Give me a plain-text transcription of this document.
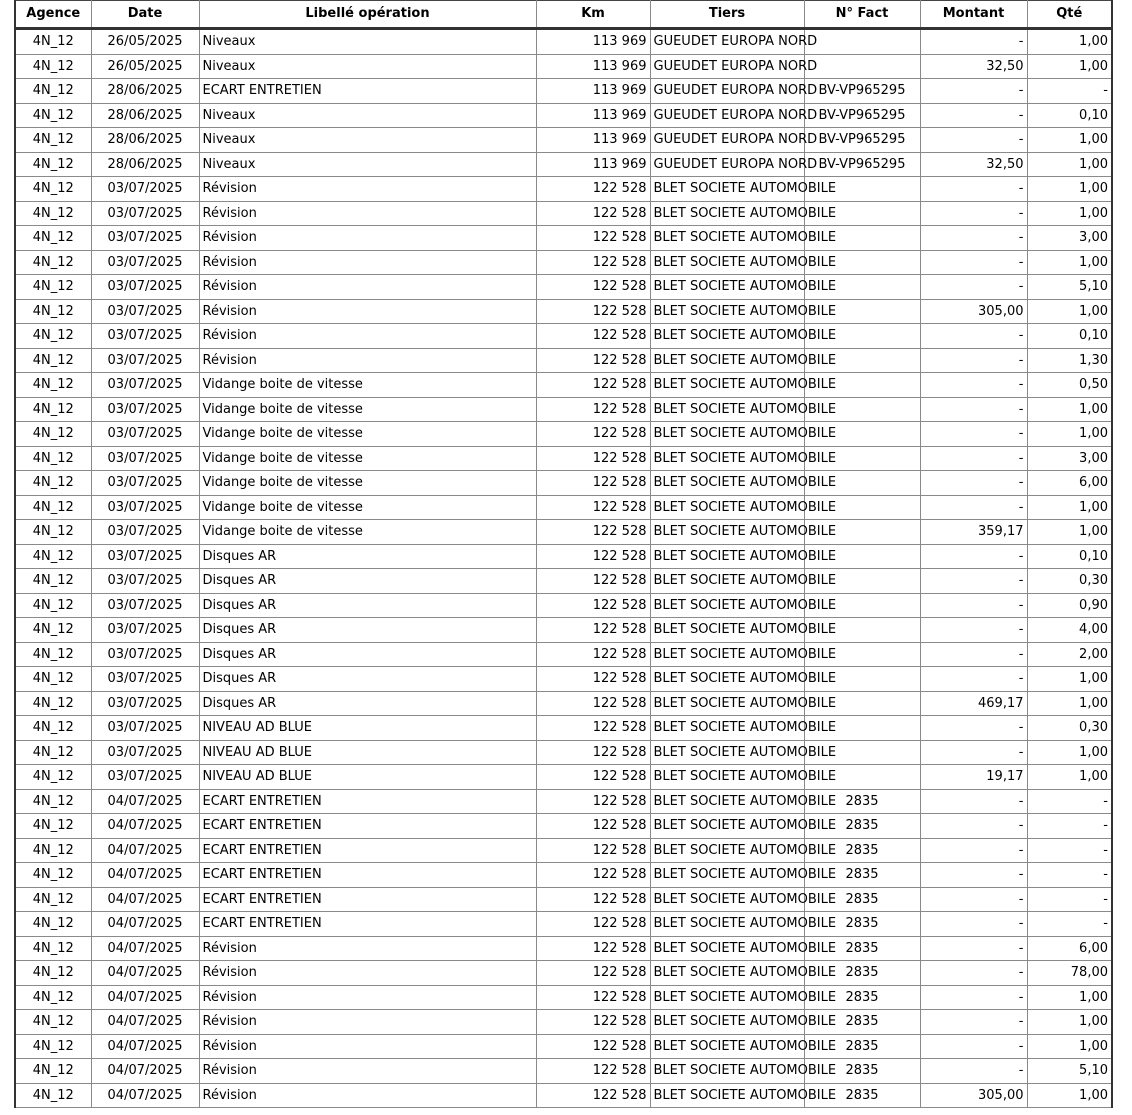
Agence	Date	Libellé opération	Km	Tiers	N° Fact	Montant	Qté
4N_12	26/05/2025	Niveaux	113 969	GUEUDET EUROPA NORD		-	1,00
4N_12	26/05/2025	Niveaux	113 969	GUEUDET EUROPA NORD		32,50	1,00
4N_12	28/06/2025	ECART ENTRETIEN	113 969	GUEUDET EUROPA NORD	BV-VP965295	-	-
4N_12	28/06/2025	Niveaux	113 969	GUEUDET EUROPA NORD	BV-VP965295	-	0,10
4N_12	28/06/2025	Niveaux	113 969	GUEUDET EUROPA NORD	BV-VP965295	-	1,00
4N_12	28/06/2025	Niveaux	113 969	GUEUDET EUROPA NORD	BV-VP965295	32,50	1,00
4N_12	03/07/2025	Révision	122 528	BLET SOCIETE AUTOMOBILE		-	1,00
4N_12	03/07/2025	Révision	122 528	BLET SOCIETE AUTOMOBILE		-	1,00
4N_12	03/07/2025	Révision	122 528	BLET SOCIETE AUTOMOBILE		-	3,00
4N_12	03/07/2025	Révision	122 528	BLET SOCIETE AUTOMOBILE		-	1,00
4N_12	03/07/2025	Révision	122 528	BLET SOCIETE AUTOMOBILE		-	5,10
4N_12	03/07/2025	Révision	122 528	BLET SOCIETE AUTOMOBILE		305,00	1,00
4N_12	03/07/2025	Révision	122 528	BLET SOCIETE AUTOMOBILE		-	0,10
4N_12	03/07/2025	Révision	122 528	BLET SOCIETE AUTOMOBILE		-	1,30
4N_12	03/07/2025	Vidange boite de vitesse	122 528	BLET SOCIETE AUTOMOBILE		-	0,50
4N_12	03/07/2025	Vidange boite de vitesse	122 528	BLET SOCIETE AUTOMOBILE		-	1,00
4N_12	03/07/2025	Vidange boite de vitesse	122 528	BLET SOCIETE AUTOMOBILE		-	1,00
4N_12	03/07/2025	Vidange boite de vitesse	122 528	BLET SOCIETE AUTOMOBILE		-	3,00
4N_12	03/07/2025	Vidange boite de vitesse	122 528	BLET SOCIETE AUTOMOBILE		-	6,00
4N_12	03/07/2025	Vidange boite de vitesse	122 528	BLET SOCIETE AUTOMOBILE		-	1,00
4N_12	03/07/2025	Vidange boite de vitesse	122 528	BLET SOCIETE AUTOMOBILE		359,17	1,00
4N_12	03/07/2025	Disques AR	122 528	BLET SOCIETE AUTOMOBILE		-	0,10
4N_12	03/07/2025	Disques AR	122 528	BLET SOCIETE AUTOMOBILE		-	0,30
4N_12	03/07/2025	Disques AR	122 528	BLET SOCIETE AUTOMOBILE		-	0,90
4N_12	03/07/2025	Disques AR	122 528	BLET SOCIETE AUTOMOBILE		-	4,00
4N_12	03/07/2025	Disques AR	122 528	BLET SOCIETE AUTOMOBILE		-	2,00
4N_12	03/07/2025	Disques AR	122 528	BLET SOCIETE AUTOMOBILE		-	1,00
4N_12	03/07/2025	Disques AR	122 528	BLET SOCIETE AUTOMOBILE		469,17	1,00
4N_12	03/07/2025	NIVEAU AD BLUE	122 528	BLET SOCIETE AUTOMOBILE		-	0,30
4N_12	03/07/2025	NIVEAU AD BLUE	122 528	BLET SOCIETE AUTOMOBILE		-	1,00
4N_12	03/07/2025	NIVEAU AD BLUE	122 528	BLET SOCIETE AUTOMOBILE		19,17	1,00
4N_12	04/07/2025	ECART ENTRETIEN	122 528	BLET SOCIETE AUTOMOBILE	2835	-	-
4N_12	04/07/2025	ECART ENTRETIEN	122 528	BLET SOCIETE AUTOMOBILE	2835	-	-
4N_12	04/07/2025	ECART ENTRETIEN	122 528	BLET SOCIETE AUTOMOBILE	2835	-	-
4N_12	04/07/2025	ECART ENTRETIEN	122 528	BLET SOCIETE AUTOMOBILE	2835	-	-
4N_12	04/07/2025	ECART ENTRETIEN	122 528	BLET SOCIETE AUTOMOBILE	2835	-	-
4N_12	04/07/2025	ECART ENTRETIEN	122 528	BLET SOCIETE AUTOMOBILE	2835	-	-
4N_12	04/07/2025	Révision	122 528	BLET SOCIETE AUTOMOBILE	2835	-	6,00
4N_12	04/07/2025	Révision	122 528	BLET SOCIETE AUTOMOBILE	2835	-	78,00
4N_12	04/07/2025	Révision	122 528	BLET SOCIETE AUTOMOBILE	2835	-	1,00
4N_12	04/07/2025	Révision	122 528	BLET SOCIETE AUTOMOBILE	2835	-	1,00
4N_12	04/07/2025	Révision	122 528	BLET SOCIETE AUTOMOBILE	2835	-	1,00
4N_12	04/07/2025	Révision	122 528	BLET SOCIETE AUTOMOBILE	2835	-	5,10
4N_12	04/07/2025	Révision	122 528	BLET SOCIETE AUTOMOBILE	2835	305,00	1,00
